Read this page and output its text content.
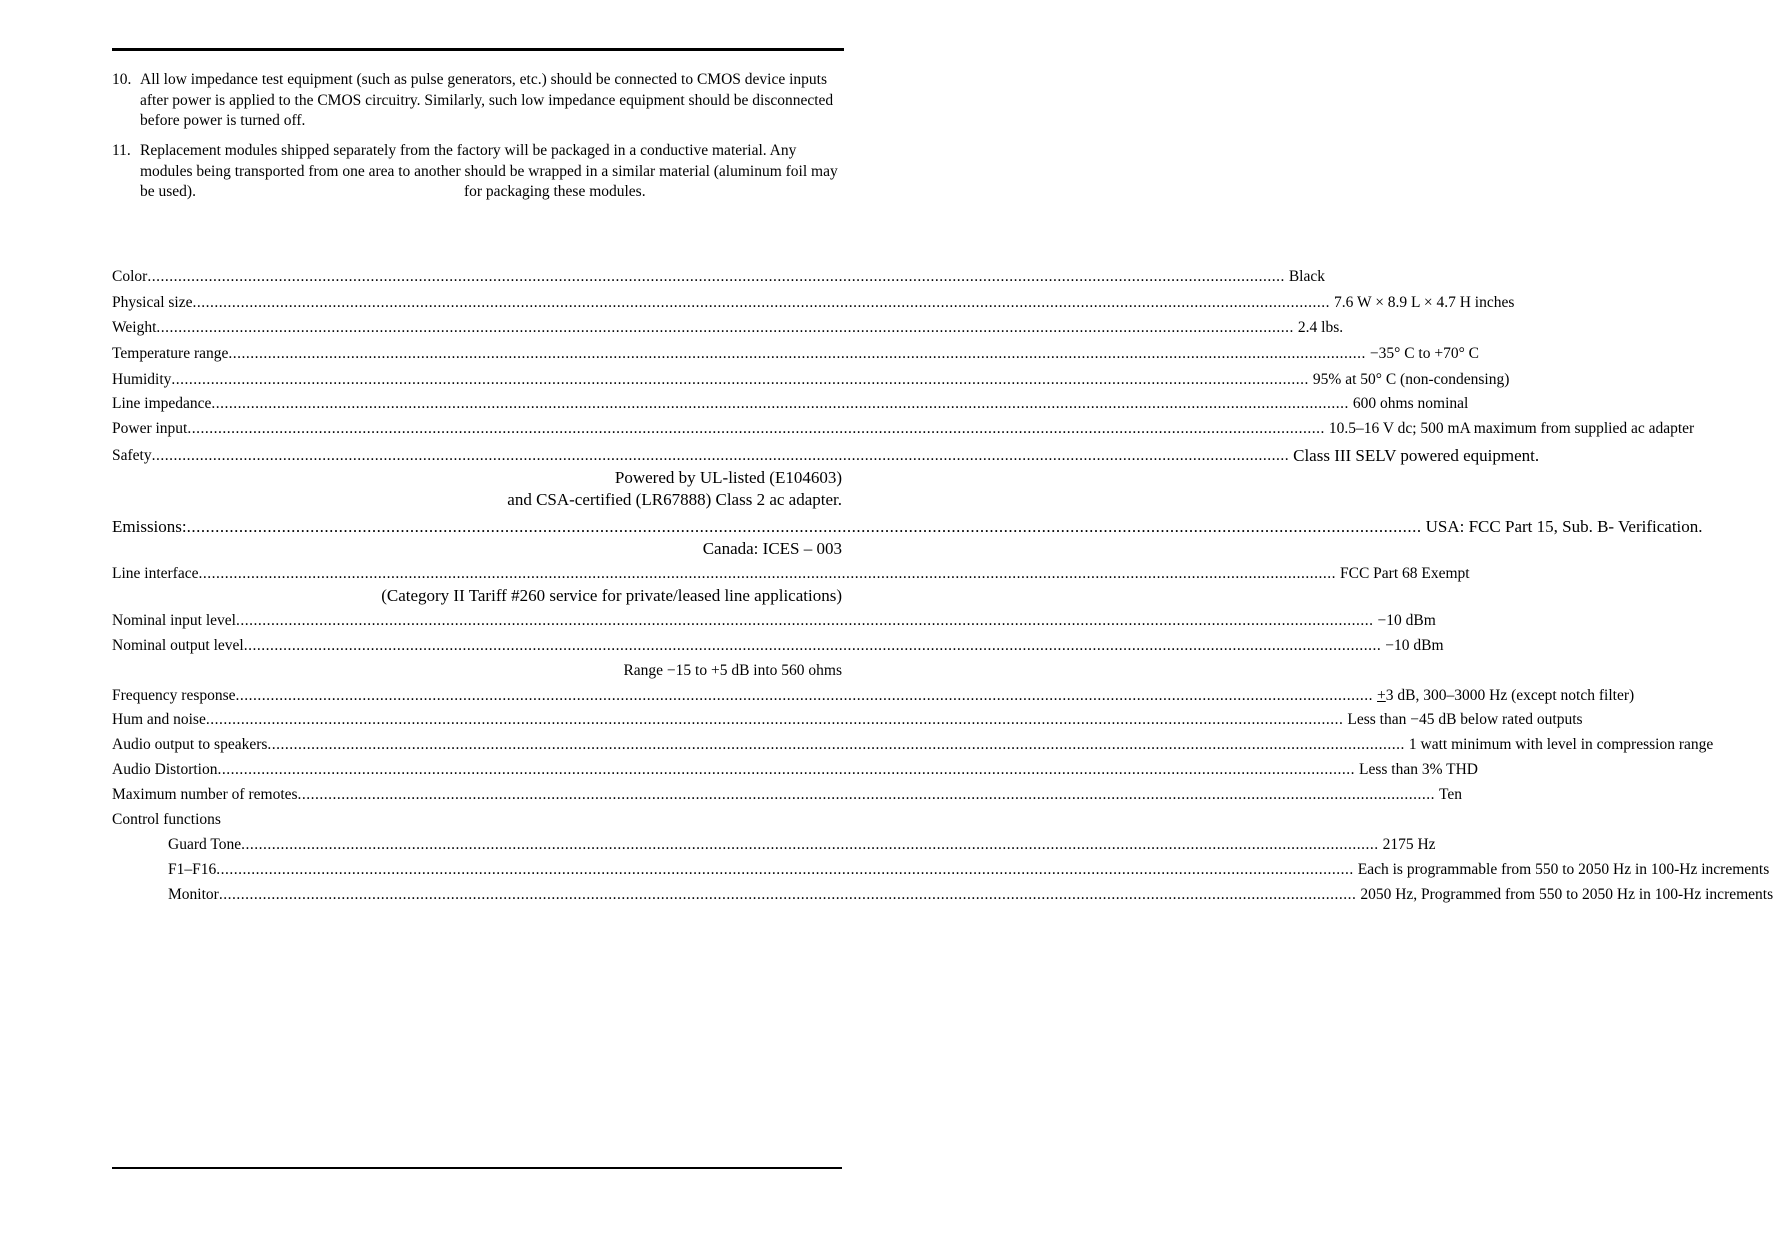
10. All low impedance test equipment (such as pulse generators, etc.) should be connected to CMOS device inputs after power is applied to the CMOS circuitry. Similarly, such low impedance equipment should be disconnected before power is turned off.
11. Replacement modules shipped separately from the factory will be packaged in a conductive material. Any modules being transported from one area to another should be wrapped in a similar material (aluminum foil may be used).	for packaging these modules.
Color .................................................................................................................................................................................................................................................................... Black
Physical size .................................................................................................................................................................................................................................................................... 7.6 W × 8.9 L × 4.7 H inches
Weight .................................................................................................................................................................................................................................................................... 2.4 lbs.
Temperature range .................................................................................................................................................................................................................................................................... −35° C to +70° C
Humidity .................................................................................................................................................................................................................................................................... 95% at 50° C (non-condensing)
Line impedance .................................................................................................................................................................................................................................................................... 600 ohms nominal
Power input .................................................................................................................................................................................................................................................................... 10.5–16 V dc; 500 mA maximum from supplied ac adapter
Safety .................................................................................................................................................................................................................................................................... Class III SELV powered equipment.
Powered by UL-listed (E104603)
and CSA-certified (LR67888) Class 2 ac adapter.
Emissions: .................................................................................................................................................................................................................................................................... USA: FCC Part 15, Sub. B- Verification.
Canada: ICES – 003
Line interface .................................................................................................................................................................................................................................................................... FCC Part 68 Exempt
(Category II Tariff #260 service for private/leased line applications)
Nominal input level .................................................................................................................................................................................................................................................................... −10 dBm
Nominal output level .................................................................................................................................................................................................................................................................... −10 dBm
Range −15 to +5 dB into 560 ohms
Frequency response .................................................................................................................................................................................................................................................................... +3 dB, 300–3000 Hz (except notch filter)
Hum and noise .................................................................................................................................................................................................................................................................... Less than −45 dB below rated outputs
Audio output to speakers .................................................................................................................................................................................................................................................................... 1 watt minimum with level in compression range
Audio Distortion .................................................................................................................................................................................................................................................................... Less than 3% THD
Maximum number of remotes .................................................................................................................................................................................................................................................................... Ten
Control functions
Guard Tone .................................................................................................................................................................................................................................................................... 2175 Hz
F1–F16 .................................................................................................................................................................................................................................................................... Each is programmable from 550 to 2050 Hz in 100-Hz increments
Monitor .................................................................................................................................................................................................................................................................... 2050 Hz, Programmed from 550 to 2050 Hz in 100-Hz increments
